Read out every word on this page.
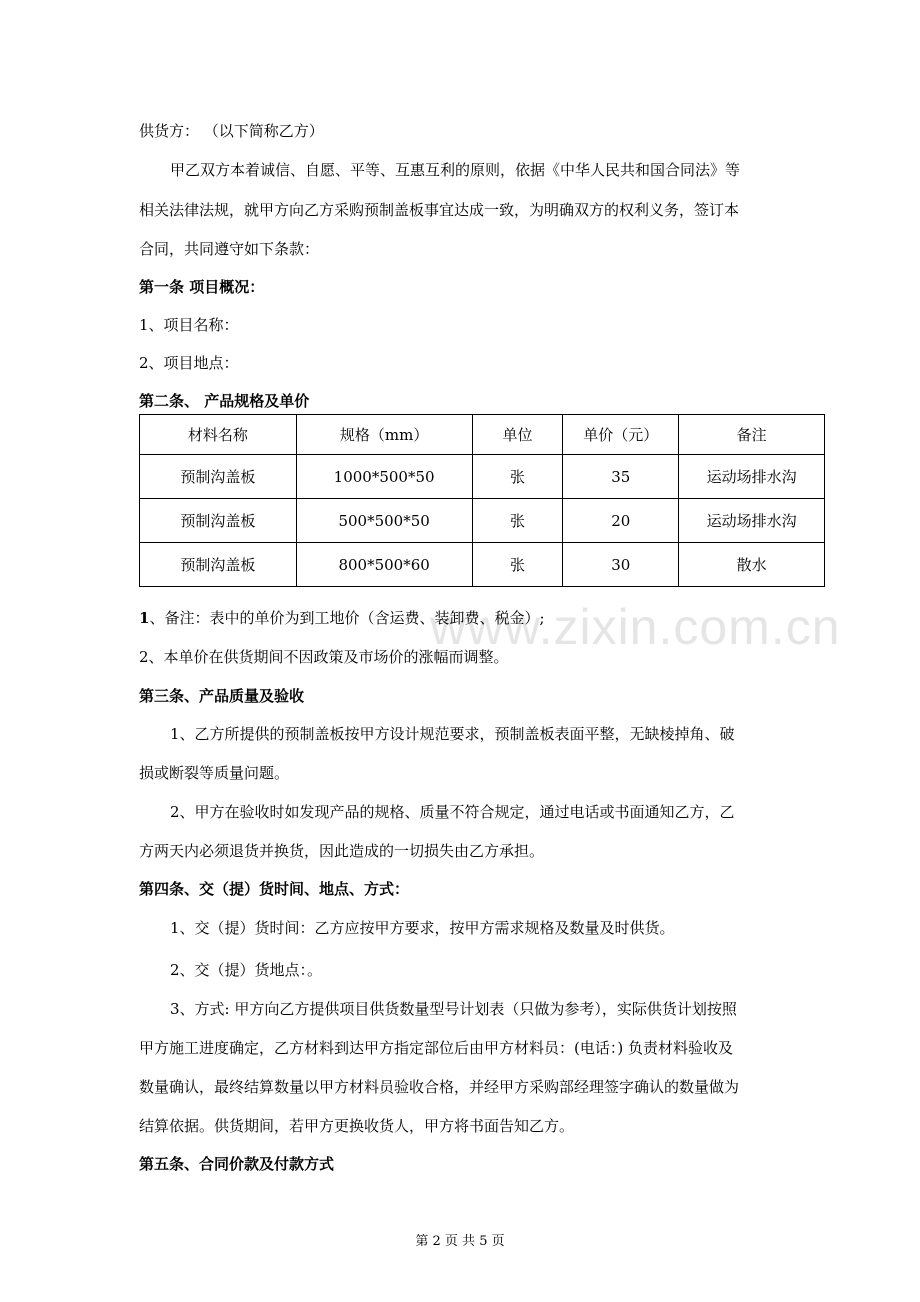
www.zixin.com.cn
供货方： （以下简称乙方）
甲乙双方本着诚信、自愿、平等、互惠互利的原则，依据《中华人民共和国合同法》等
相关法律法规，就甲方向乙方采购预制盖板事宜达成一致，为明确双方的权利义务，签订本
合同，共同遵守如下条款：
第一条 项目概况：
1、项目名称：
2、项目地点：
第二条、 产品规格及单价
材料名称	规格（mm）	单位	单价（元）	备注
预制沟盖板	1000*500*50	张	35	运动场排水沟
预制沟盖板	500*500*50	张	20	运动场排水沟
预制沟盖板	800*500*60	张	30	散水
1、备注：表中的单价为到工地价（含运费、装卸费、税金）;
2、本单价在供货期间不因政策及市场价的涨幅而调整。
第三条、产品质量及验收
1、乙方所提供的预制盖板按甲方设计规范要求，预制盖板表面平整，无缺棱掉角、破
损或断裂等质量问题。
2、甲方在验收时如发现产品的规格、质量不符合规定，通过电话或书面通知乙方，乙
方两天内必须退货并换货，因此造成的一切损失由乙方承担。
第四条、交（提）货时间、地点、方式：
1、交（提）货时间：乙方应按甲方要求，按甲方需求规格及数量及时供货。
2、交（提）货地点：。
3、方式: 甲方向乙方提供项目供货数量型号计划表（只做为参考），实际供货计划按照
甲方施工进度确定，乙方材料到达甲方指定部位后由甲方材料员：(电话：) 负责材料验收及
数量确认，最终结算数量以甲方材料员验收合格，并经甲方采购部经理签字确认的数量做为
结算依据。供货期间，若甲方更换收货人，甲方将书面告知乙方。
第五条、合同价款及付款方式
第 2 页 共 5 页
